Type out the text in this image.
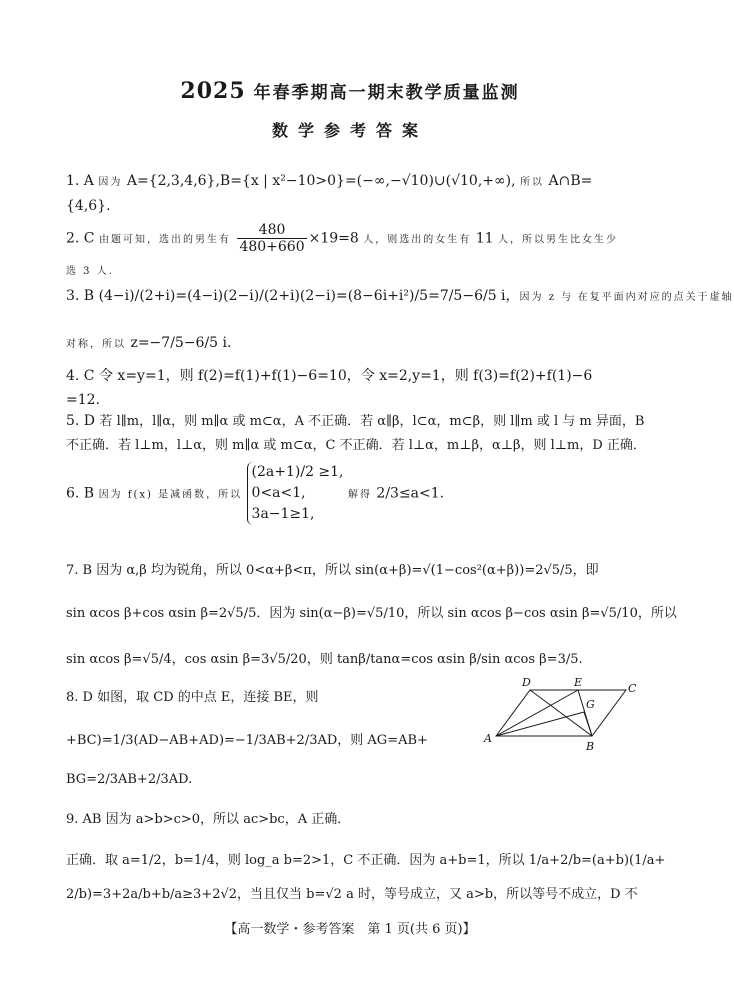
2025 年春季期高一期末教学质量监测
数学参考答案
1. A 因为 A={2,3,4,6},B={x | x²−10>0}=(−∞,−√10)∪(√10,+∞), 所以 A∩B=
{4,6}.
2. C 由题可知，选出的男生有 $\frac{480}{480+660} \times 19=8$ 人，则选出的女生有 11 人，所以男生比女生少
选 3 人.
3. B (4−i)/(2+i)=(4−i)(2−i)/(2+i)(2−i)=(8−6i+i²)/5=7/5−6/5 i，因为 z 与 在复平面内对应的点关于虚轴
对称，所以 z=−7/5−6/5 i.
4. C 令 x=y=1，则 f(2)=f(1)+f(1)−6=10，令 x=2,y=1，则 f(3)=f(2)+f(1)−6
=12.
5. D 若 l∥m，l∥α，则 m∥α 或 m⊂α，A 不正确．若 α∥β，l⊂α，m⊂β，则 l∥m 或 l 与 m 异面，B
不正确．若 l⊥m，l⊥α，则 m∥α 或 m⊂α，C 不正确．若 l⊥α，m⊥β，α⊥β，则 l⊥m，D 正确．
6. B 因为 f(x) 是减函数，所以
(2a+1)/2 ≥1,
0<a<1,
3a−1≥1,
解得 2/3≤a<1.
7. B 因为 α,β 均为锐角，所以 0<α+β<π，所以 sin(α+β)=√(1−cos²(α+β))=2√5/5，即
sin αcos β+cos αsin β=2√5/5．因为 sin(α−β)=√5/10，所以 sin αcos β−cos αsin β=√5/10，所以
sin αcos β=√5/4，cos αsin β=3√5/20，则 tanβ/tanα=cos αsin β/sin αcos β=3/5.
8. D 如图，取 CD 的中点 E，连接 BE，则
+BC)=1/3(AD−AB+AD)=−1/3AB+2/3AD，则 AG=AB+
BG=2/3AB+2/3AD.
D	E	C
G
A
B
9. AB 因为 a>b>c>0，所以 ac>bc，A 正确．
正确．取 a=1/2，b=1/4，则 log_a b=2>1，C 不正确．因为 a+b=1，所以 1/a+2/b=(a+b)(1/a+
2/b)=3+2a/b+b/a≥3+2√2，当且仅当 b=√2 a 时，等号成立，又 a>b，所以等号不成立，D 不
【高一数学・参考答案　第 1 页(共 6 页)】
